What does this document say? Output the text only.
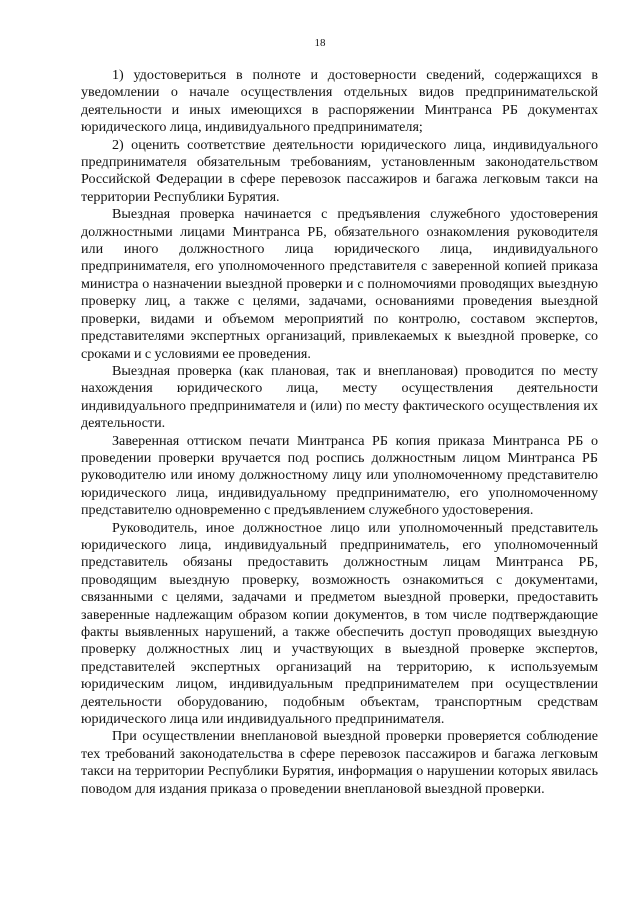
18

1) удостовериться в полноте и достоверности сведений, содержащихся в уведомлении о начале осуществления отдельных видов предпринимательской деятельности и иных имеющихся в распоряжении Минтранса РБ документах юридического лица, индивидуального предпринимателя;

2) оценить соответствие деятельности юридического лица, индивидуального предпринимателя обязательным требованиям, установленным законодательством Российской Федерации в сфере перевозок пассажиров и багажа легковым такси на территории Республики Бурятия.

Выездная проверка начинается с предъявления служебного удостоверения должностными лицами Минтранса РБ, обязательного ознакомления руководителя или иного должностного лица юридического лица, индивидуального предпринимателя, его уполномоченного представителя с заверенной копией приказа министра о назначении выездной проверки и с полномочиями проводящих выездную проверку лиц, а также с целями, задачами, основаниями проведения выездной проверки, видами и объемом мероприятий по контролю, составом экспертов, представителями экспертных организаций, привлекаемых к выездной проверке, со сроками и с условиями ее проведения.

Выездная проверка (как плановая, так и внеплановая) проводится по месту нахождения юридического лица, месту осуществления деятельности индивидуального предпринимателя и (или) по месту фактического осуществления их деятельности.

Заверенная оттиском печати Минтранса РБ копия приказа Минтранса РБ о проведении проверки вручается под роспись должностным лицом Минтранса РБ руководителю или иному должностному лицу или уполномоченному представителю юридического лица, индивидуальному предпринимателю, его уполномоченному представителю одновременно с предъявлением служебного удостоверения.

Руководитель, иное должностное лицо или уполномоченный представитель юридического лица, индивидуальный предприниматель, его уполномоченный представитель обязаны предоставить должностным лицам Минтранса РБ, проводящим выездную проверку, возможность ознакомиться с документами, связанными с целями, задачами и предметом выездной проверки, предоставить заверенные надлежащим образом копии документов, в том числе подтверждающие факты выявленных нарушений, а также обеспечить доступ проводящих выездную проверку должностных лиц и участвующих в выездной проверке экспертов, представителей экспертных организаций на территорию, к используемым юридическим лицом, индивидуальным предпринимателем при осуществлении деятельности оборудованию, подобным объектам, транспортным средствам юридического лица или индивидуального предпринимателя.

При осуществлении внеплановой выездной проверки проверяется соблюдение тех требований законодательства в сфере перевозок пассажиров и багажа легковым такси на территории Республики Бурятия, информация о нарушении которых явилась поводом для издания приказа о проведении внеплановой выездной проверки.
